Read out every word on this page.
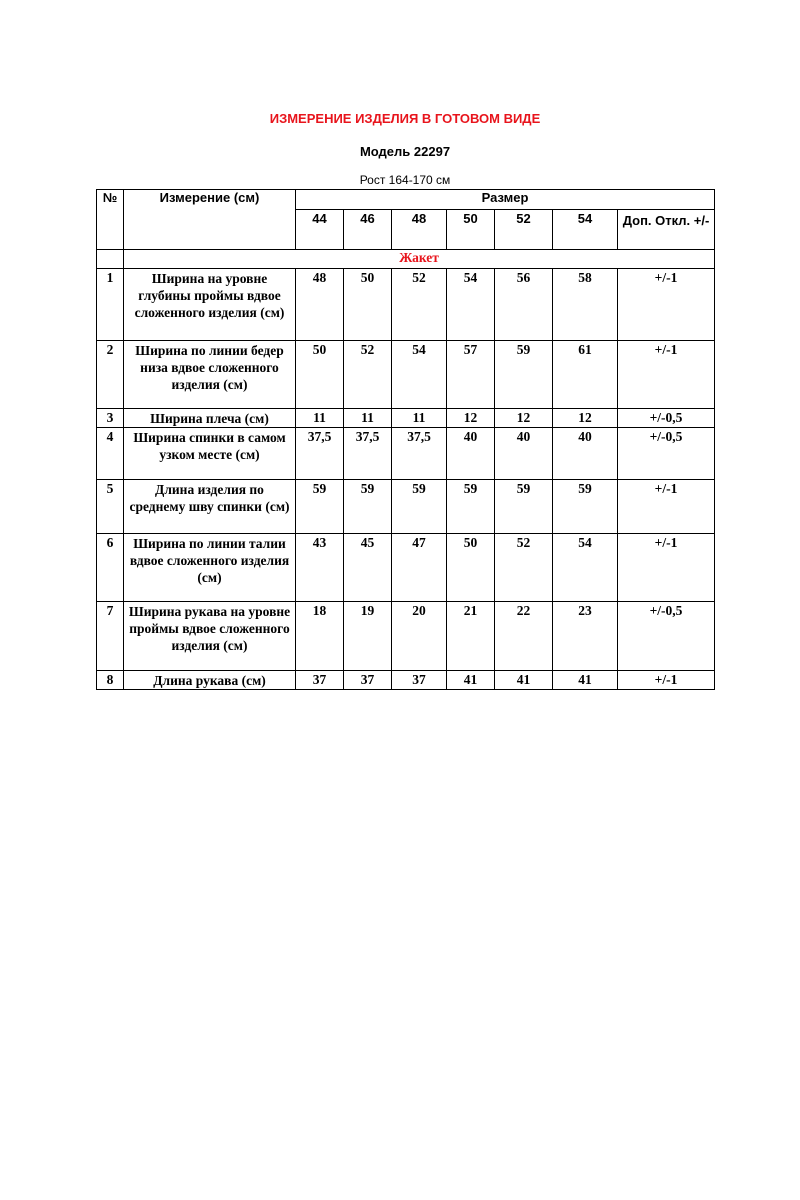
ИЗМЕРЕНИЕ ИЗДЕЛИЯ В ГОТОВОМ ВИДЕ
Модель 22297
Рост 164-170 см
№	Измерение (см)	Размер						
		44	46	48	50	52	54	Доп. Откл. +/-
	Жакет							
1	Ширина на уровне глубины проймы вдвое сложенного изделия (см)	48	50	52	54	56	58	+/-1
2	Ширина по линии бедер низа вдвое сложенного изделия (см)	50	52	54	57	59	61	+/-1
3	Ширина плеча (см)	11	11	11	12	12	12	+/-0,5
4	Ширина спинки в самом узком месте (см)	37,5	37,5	37,5	40	40	40	+/-0,5
5	Длина изделия по среднему шву спинки (см)	59	59	59	59	59	59	+/-1
6	Ширина по линии талии вдвое сложенного изделия (см)	43	45	47	50	52	54	+/-1
7	Ширина рукава на уровне проймы вдвое сложенного изделия (см)	18	19	20	21	22	23	+/-0,5
8	Длина рукава (см)	37	37	37	41	41	41	+/-1
